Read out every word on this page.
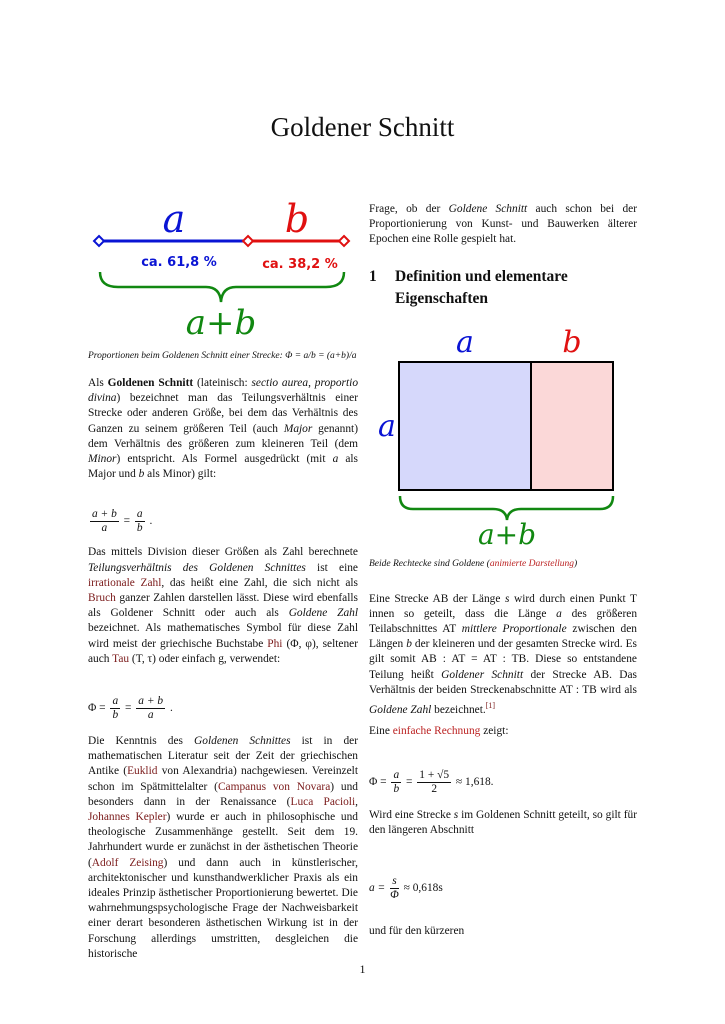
Goldener Schnitt
a	b
ca. 61,8 %	ca. 38,2 %
a+b
Proportionen beim Goldenen Schnitt einer Strecke: Φ = a/b = (a+b)/a

Als Goldenen Schnitt (lateinisch: sectio aurea, proportio divina) bezeichnet man das Teilungsverhältnis einer Strecke oder anderen Größe, bei dem das Verhältnis des Ganzen zu seinem größeren Teil (auch Major genannt) dem Verhältnis des größeren zum kleineren Teil (dem Minor) entspricht. Als Formel ausgedrückt (mit a als Major und b als Minor) gilt:

$\frac{a + b}{a} = \frac{a}{b}$ .

Das mittels Division dieser Größen als Zahl berechnete Teilungsverhältnis des Goldenen Schnittes ist eine irrationale Zahl, das heißt eine Zahl, die sich nicht als Bruch ganzer Zahlen darstellen lässt. Diese wird ebenfalls als Goldener Schnitt oder auch als Goldene Zahl bezeichnet. Als mathematisches Symbol für diese Zahl wird meist der griechische Buchstabe Phi (Φ, φ), seltener auch Tau (T, τ) oder einfach g, verwendet:

$\Phi = \frac{a}{b} = \frac{a + b}{a}$ .

Die Kenntnis des Goldenen Schnittes ist in der mathematischen Literatur seit der Zeit der griechischen Antike (Euklid von Alexandria) nachgewiesen. Vereinzelt schon im Spätmittelalter (Campanus von Novara) und besonders dann in der Renaissance (Luca Pacioli, Johannes Kepler) wurde er auch in philosophische und theologische Zusammenhänge gestellt. Seit dem 19. Jahrhundert wurde er zunächst in der ästhetischen Theorie (Adolf Zeising) und dann auch in künstlerischer, architektonischer und kunsthandwerklicher Praxis als ein ideales Prinzip ästhetischer Proportionierung bewertet. Die wahrnehmungspsychologische Frage der Nachweisbarkeit einer derart besonderen ästhetischen Wirkung ist in der Forschung allerdings umstritten, desgleichen die historische

Frage, ob der Goldene Schnitt auch schon bei der Proportionierung von Kunst- und Bauwerken älterer Epochen eine Rolle gespielt hat.

1	Definition und elementare Eigenschaften
a	b
a
a+b
Beide Rechtecke sind Goldene (animierte Darstellung)

Eine Strecke AB der Länge s wird durch einen Punkt T innen so geteilt, dass die Länge a des größeren Teilabschnittes AT mittlere Proportionale zwischen den Längen b der kleineren und der gesamten Strecke wird. Es gilt somit AB : AT = AT : TB. Diese so entstandene Teilung heißt Goldener Schnitt der Strecke AB. Das Verhältnis der beiden Streckenabschnitte AT : TB wird als Goldene Zahl bezeichnet.[1]

Eine einfache Rechnung zeigt:

$\Phi = \frac{a}{b} = \frac{1 + √5}{2} \approx 1,618$.

Wird eine Strecke s im Goldenen Schnitt geteilt, so gilt für den längeren Abschnitt

$a = \frac{s}{\Phi} \approx 0,618s$

und für den kürzeren

1
